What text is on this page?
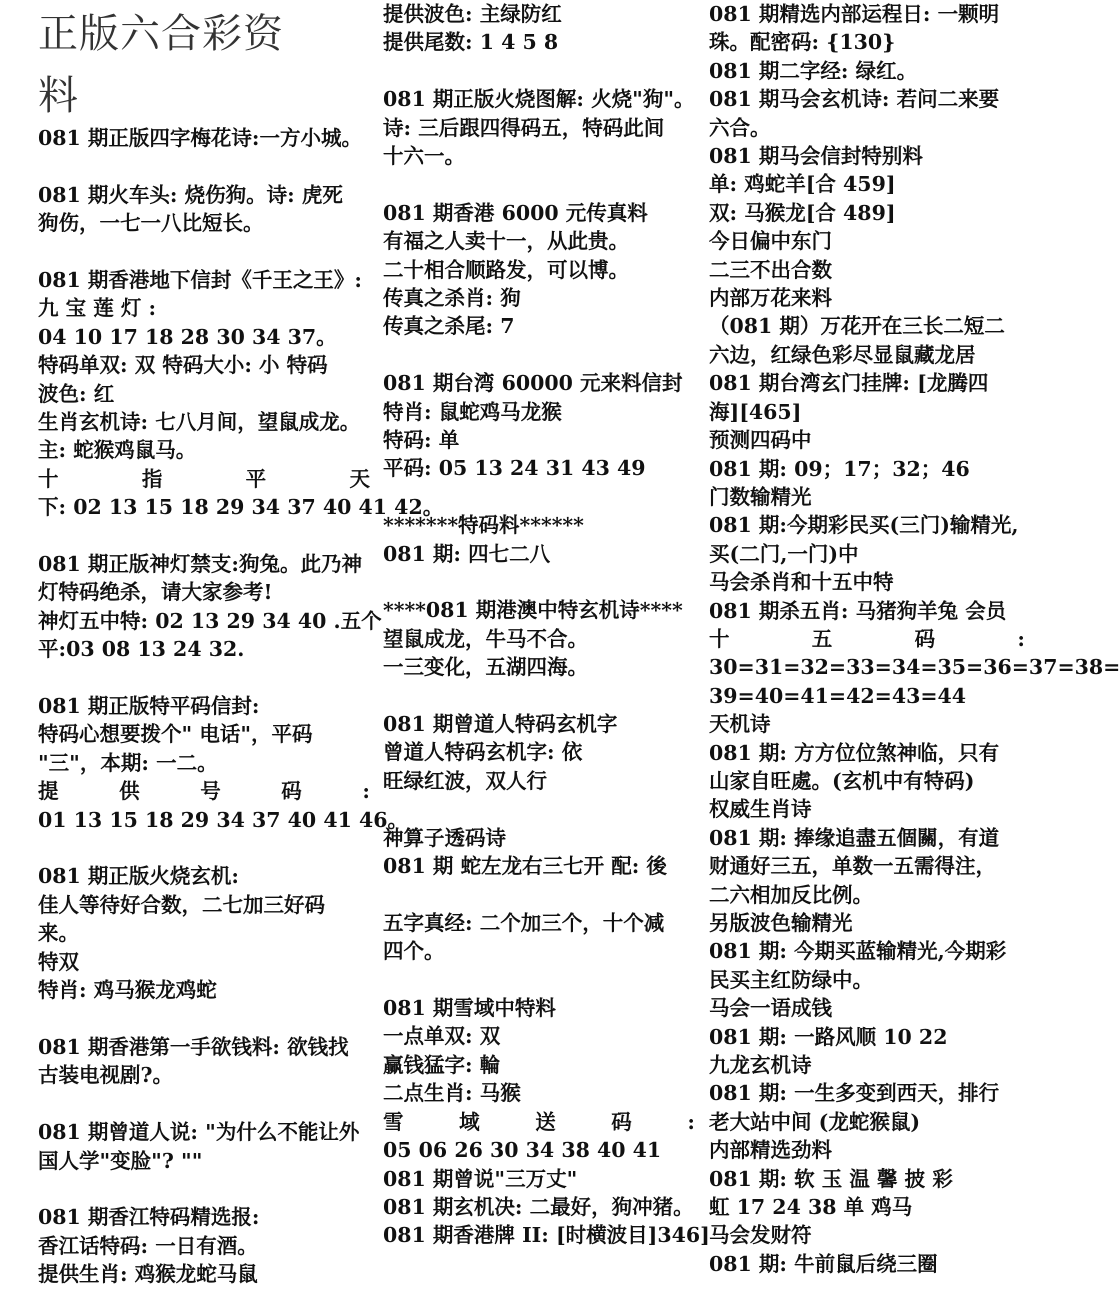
正版六合彩资
料
081 期正版四字梅花诗:一方小城。
081 期火车头: 烧伤狗。诗: 虎死
狗伤，一七一八比短长。
081 期香港地下信封《千王之王》:
九 宝 莲 灯 :
04 10 17 18 28 30 34 37。
特码单双: 双 特码大小: 小 特码
波色: 红
生肖玄机诗: 七八月间，望鼠成龙。
主: 蛇猴鸡鼠马。
十	指	平	天
下: 02 13 15 18 29 34 37 40 41 42。
081 期正版神灯禁支:狗兔。此乃神
灯特码绝杀，请大家参考!
神灯五中特: 02 13 29 34 40 .五个
平:03 08 13 24 32.
081 期正版特平码信封:
特码心想要拨个" 电话"，平码
"三"，本期: 一二。
提	供	号	码	:
01 13 15 18 29 34 37 40 41 46。
081 期正版火烧玄机:
佳人等待好合数，二七加三好码
来。
特双
特肖: 鸡马猴龙鸡蛇
081 期香港第一手欲钱料: 欲钱找
古装电视剧?。
081 期曾道人说: "为什么不能让外
国人学"变脸"? ""
081 期香江特码精选报:
香江话特码: 一日有酒。
提供生肖: 鸡猴龙蛇马鼠
提供波色: 主绿防红
提供尾数: 1 4 5 8
081 期正版火烧图解: 火烧"狗"。
诗: 三后跟四得码五，特码此间
十六一。
081 期香港 6000 元传真料
有福之人卖十一，从此贵。
二十相合顺路发，可以博。
传真之杀肖: 狗
传真之杀尾: 7
081 期台湾 60000 元来料信封
特肖: 鼠蛇鸡马龙猴
特码: 单
平码: 05 13 24 31 43 49
*******特码料******
081 期: 四七二八
****081 期港澳中特玄机诗****
望鼠成龙，牛马不合。
一三变化，五湖四海。
081 期曾道人特码玄机字
曾道人特码玄机字: 依
旺绿红波，双人行
神算子透码诗
081 期 蛇左龙右三七开 配: 後
五字真经: 二个加三个，十个减
四个。
081 期雪域中特料
一点单双: 双
赢钱猛字: 輪
二点生肖: 马猴
雪	域	送	码	:
05 06 26 30 34 38 40 41
081 期曾说"三万丈"
081 期玄机决: 二最好，狗冲猪。
081 期香港牌 II: [时横波目]346]
081 期精选内部运程日: 一颗明
珠。配密码: {130}
081 期二字经: 绿红。
081 期马会玄机诗: 若问二来要
六合。
081 期马会信封特别料
单: 鸡蛇羊[合 459]
双: 马猴龙[合 489]
今日偏中东门
二三不出合数
内部万花来料
（081 期）万花开在三长二短二
六边，红绿色彩尽显鼠藏龙居
081 期台湾玄门挂牌: [龙腾四
海][465]
预测四码中
081 期: 09；17；32；46
门数输精光
081 期:今期彩民买(三门)输精光,
买(二门,一门)中
马会杀肖和十五中特
081 期杀五肖: 马猪狗羊兔 会员
十	五	码	:
30=31=32=33=34=35=36=37=38=
39=40=41=42=43=44
天机诗
081 期: 方方位位煞神临，只有
山家自旺處。(玄机中有特码)
权威生肖诗
081 期: 捧缘追盡五個關，有道
财通好三五，单数一五需得注，
二六相加反比例。
另版波色输精光
081 期: 今期买蓝输精光,今期彩
民买主红防绿中。
马会一语成钱
081 期: 一路风顺 10 22
九龙玄机诗
081 期: 一生多变到西天，排行
老大站中间 (龙蛇猴鼠)
内部精选劲料
081 期: 软 玉 温 馨 披 彩
虹 17 24 38 单 鸡马
马会发财符
081 期: 牛前鼠后绕三圈
